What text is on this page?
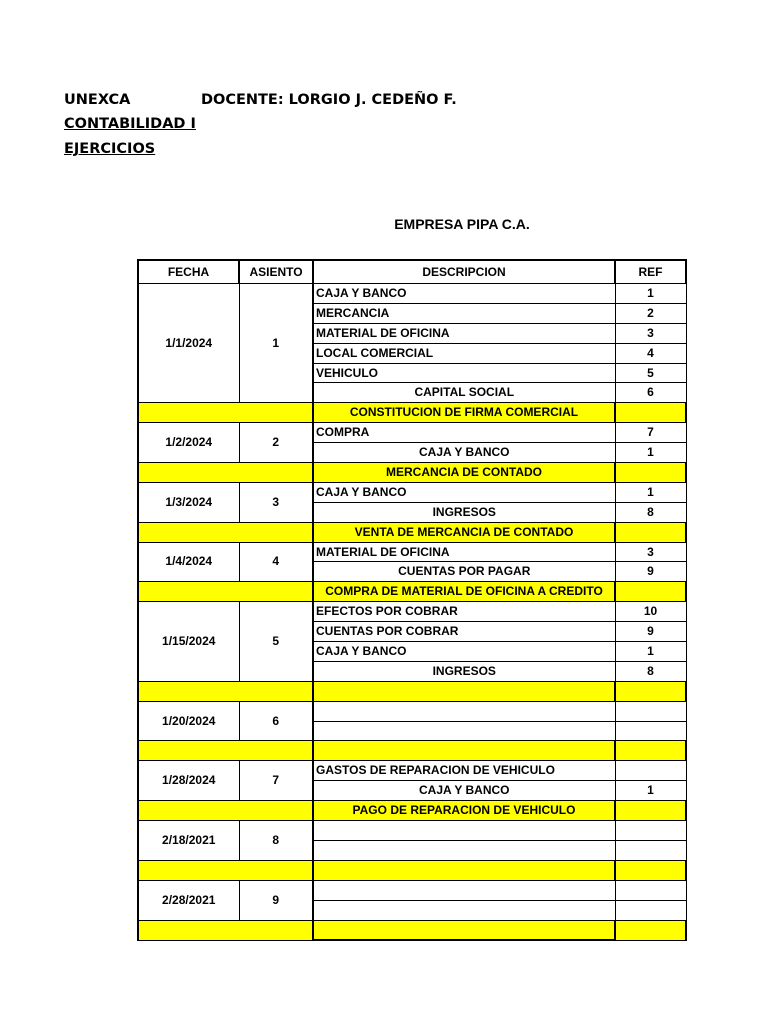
UNEXCA	DOCENTE: LORGIO J. CEDEÑO F.
CONTABILIDAD I
EJERCICIOS
EMPRESA PIPA C.A.
FECHA	ASIENTO	DESCRIPCION	REF
1/1/2024	1	CAJA Y BANCO	1
		MERCANCIA	2
		MATERIAL DE OFICINA	3
		LOCAL COMERCIAL	4
		VEHICULO	5
		CAPITAL SOCIAL	6
		CONSTITUCION DE FIRMA COMERCIAL	
1/2/2024	2	COMPRA	7
		CAJA Y BANCO	1
		MERCANCIA DE CONTADO	
1/3/2024	3	CAJA Y BANCO	1
		INGRESOS	8
		VENTA DE MERCANCIA DE CONTADO	
1/4/2024	4	MATERIAL DE OFICINA	3
		CUENTAS POR PAGAR	9
		COMPRA DE MATERIAL DE OFICINA A CREDITO	
1/15/2024	5	EFECTOS POR COBRAR	10
		CUENTAS POR COBRAR	9
		CAJA Y BANCO	1
		INGRESOS	8

1/20/2024	6		

1/28/2024	7	GASTOS DE REPARACION DE VEHICULO	
		CAJA Y BANCO	1
		PAGO DE REPARACION DE VEHICULO	
2/18/2021	8		

2/28/2021	9		
